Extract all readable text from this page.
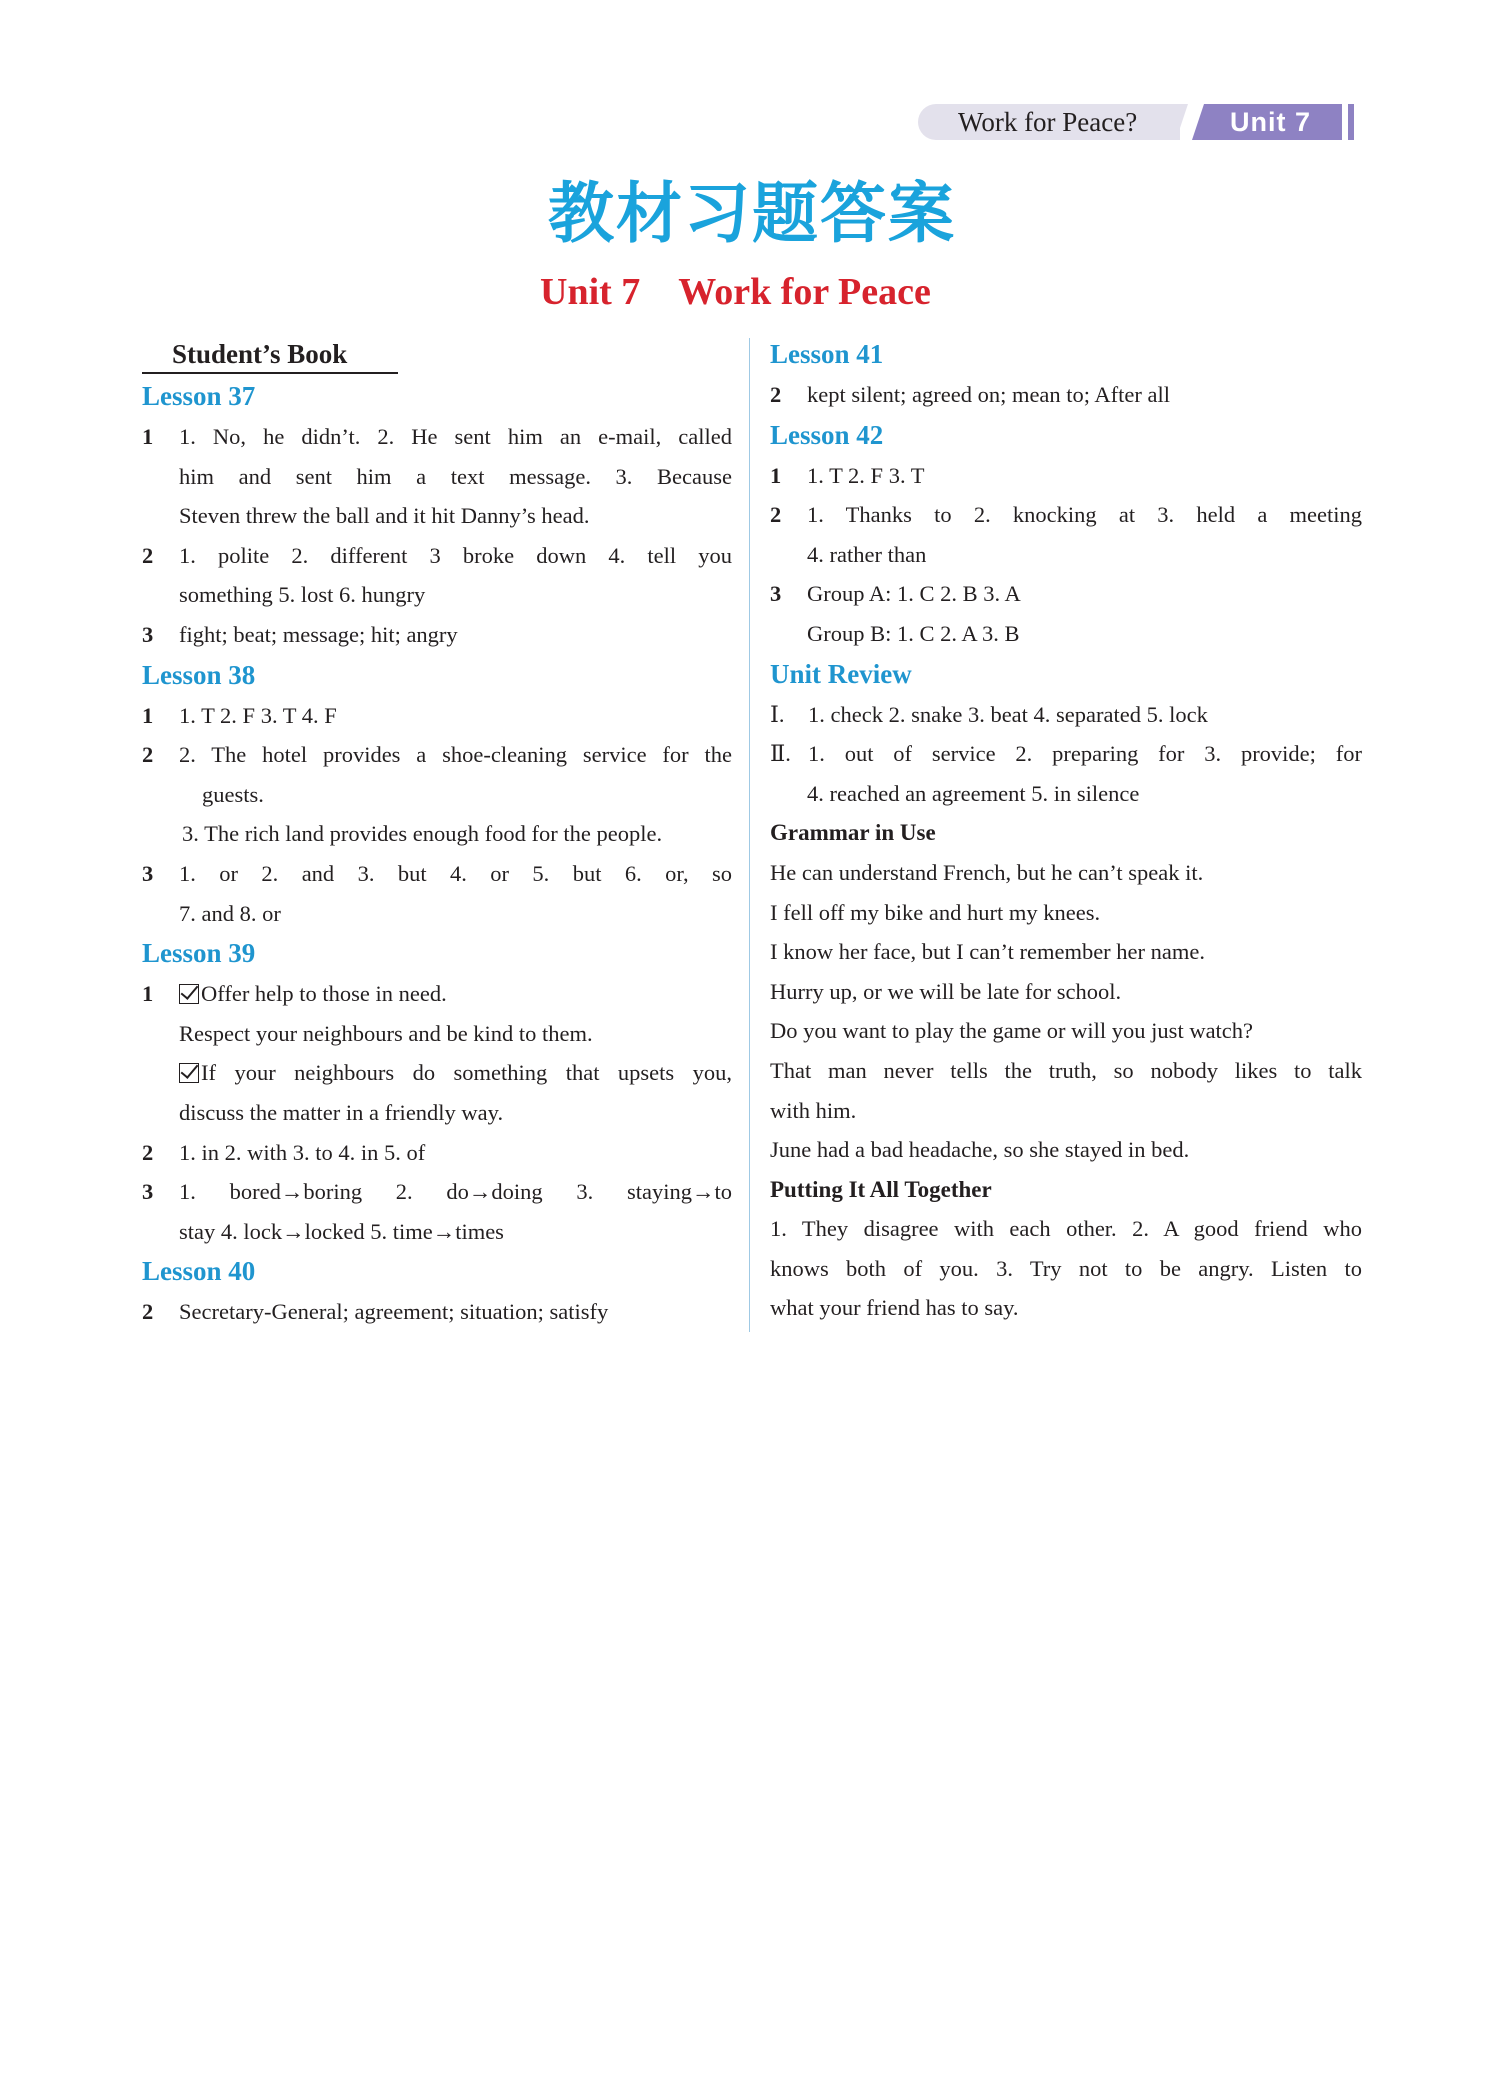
Work for Peace?	Unit 7
教材习题答案
Unit 7 Work for Peace
Student’s Book
Lesson 37
1 1. No, he didn’t. 2. He sent him an e-mail, called
him and sent him a text message. 3. Because
Steven threw the ball and it hit Danny’s head.
2 1. polite 2. different 3 broke down 4. tell you
something 5. lost 6. hungry
3 fight; beat; message; hit; angry
Lesson 38
1 1. T 2. F 3. T 4. F
2 2. The hotel provides a shoe-cleaning service for the
guests.
3. The rich land provides enough food for the people.
3 1. or 2. and 3. but 4. or 5. but 6. or, so
7. and 8. or
Lesson 39
1	Offer help to those in need.
Respect your neighbours and be kind to them.
If your neighbours do something that upsets you,
discuss the matter in a friendly way.
2 1. in 2. with 3. to 4. in 5. of
3 1. bored→boring 2. do→doing 3. staying→to
stay 4. lock→locked 5. time→times
Lesson 40
2 Secretary-General; agreement; situation; satisfy
Lesson 41
2 kept silent; agreed on; mean to; After all
Lesson 42
1 1. T 2. F 3. T
2 1. Thanks to 2. knocking at 3. held a meeting
4. rather than
3 Group A: 1. C 2. B 3. A
Group B: 1. C 2. A 3. B
Unit Review
Ⅰ. 1. check 2. snake 3. beat 4. separated 5. lock
Ⅱ. 1. out of service 2. preparing for 3. provide; for
4. reached an agreement 5. in silence
Grammar in Use
He can understand French, but he can’t speak it.
I fell off my bike and hurt my knees.
I know her face, but I can’t remember her name.
Hurry up, or we will be late for school.
Do you want to play the game or will you just watch?
That man never tells the truth, so nobody likes to talk
with him.
June had a bad headache, so she stayed in bed.
Putting It All Together
1. They disagree with each other. 2. A good friend who
knows both of you. 3. Try not to be angry. Listen to
what your friend has to say.
